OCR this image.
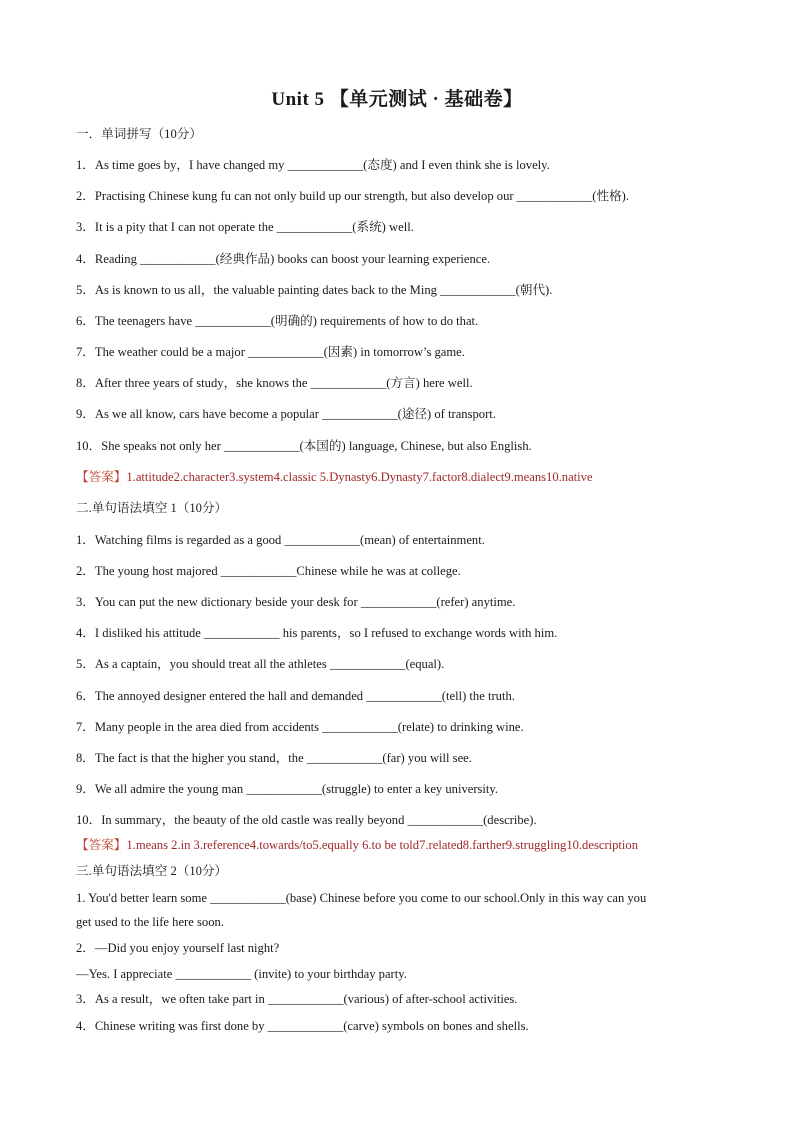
Unit 5 【单元测试 · 基础卷】
一．单词拼写（10分）
1．As time goes by，I have changed my ____________(态度) and I even think she is lovely.
2．Practising Chinese kung fu can not only build up our strength, but also develop our ____________(性格).
3．It is a pity that I can not operate the ____________(系统) well.
4．Reading ____________(经典作品) books can boost your learning experience.
5．As is known to us all，the valuable painting dates back to the Ming ____________(朝代).
6．The teenagers have ____________(明确的) requirements of how to do that.
7．The weather could be a major ____________(因素) in tomorrow’s game.
8．After three years of study，she knows the ____________(方言) here well.
9．As we all know, cars have become a popular ____________(途径) of transport.
10．She speaks not only her ____________(本国的) language, Chinese, but also English.
【答案】1.attitude2.character3.system4.classic 5.Dynasty6.Dynasty7.factor8.dialect9.means10.native
二.单句语法填空 1（10分）
1．Watching films is regarded as a good ____________(mean) of entertainment.
2．The young host majored ____________Chinese while he was at college.
3．You can put the new dictionary beside your desk for ____________(refer) anytime.
4．I disliked his attitude ____________ his parents，so I refused to exchange words with him.
5．As a captain，you should treat all the athletes ____________(equal).
6．The annoyed designer entered the hall and demanded ____________(tell) the truth.
7．Many people in the area died from accidents ____________(relate) to drinking wine.
8．The fact is that the higher you stand，the ____________(far) you will see.
9．We all admire the young man ____________(struggle) to enter a key university.
10．In summary，the beauty of the old castle was really beyond ____________(describe).
【答案】1.means 2.in 3.reference4.towards/to5.equally 6.to be told7.related8.farther9.struggling10.description
三.单句语法填空 2（10分）
1. You'd better learn some ____________(base) Chinese before you come to our school.Only in this way can you
get used to the life here soon.
2．—Did you enjoy yourself last night?
—Yes. I appreciate ____________ (invite) to your birthday party.
3．As a result，we often take part in ____________(various) of after-school activities.
4．Chinese writing was first done by ____________(carve) symbols on bones and shells.
